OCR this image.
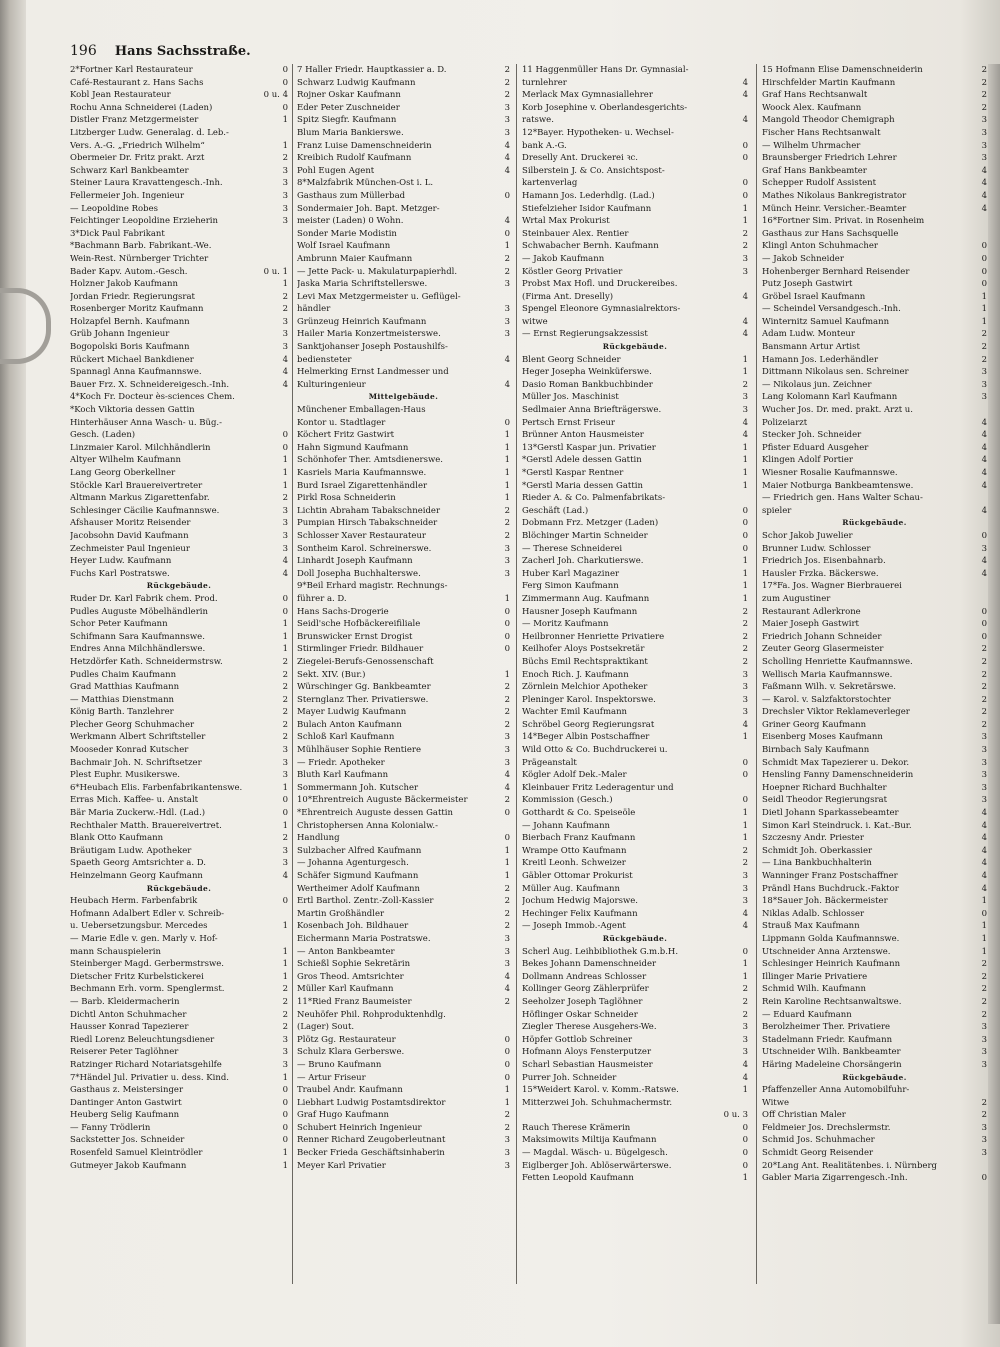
196 Hans Sachsstraße.
2*Fortner Karl Restaurateur	0
Café-Restaurant z. Hans Sachs	0
Kobl Jean Restaurateur	0 u. 4
Rochu Anna Schneiderei (Laden)	0
Distler Franz Metzgermeister	1
Litzberger Ludw. Generalag. d. Leb.-
Vers. A.-G. „Friedrich Wilhelm“	1
Obermeier Dr. Fritz prakt. Arzt	2
Schwarz Karl Bankbeamter	3
Steiner Laura Kravattengesch.-Inh.	3
Fellermeier Joh. Ingenieur	3
— Leopoldine Robes	3
Feichtinger Leopoldine Erzieherin	3
3*Dick Paul Fabrikant
*Bachmann Barb. Fabrikant.-We.
Wein-Rest. Nürnberger Trichter
Bader Kapv. Autom.-Gesch.	0 u. 1
Holzner Jakob Kaufmann	1
Jordan Friedr. Regierungsrat	2
Rosenberger Moritz Kaufmann	2
Holzapfel Bernh. Kaufmann	3
Grüb Johann Ingenieur	3
Bogopolski Boris Kaufmann	3
Rückert Michael Bankdiener	4
Spannagl Anna Kaufmannswe.	4
Bauer Frz. X. Schneidereigesch.-Inh.	4
4*Koch Fr. Docteur ès-sciences Chem.
*Koch Viktoria dessen Gattin
Hinterhäuser Anna Wasch- u. Büg.-
Gesch. (Laden)	0
Linzmaier Karol. Milchhändlerin	0
Altyer Wilhelm Kaufmann	1
Lang Georg Oberkellner	1
Stöckle Karl Brauereivertreter	1
Altmann Markus Zigarettenfabr.	2
Schlesinger Cäcilie Kaufmannswe.	3
Afshauser Moritz Reisender	3
Jacobsohn David Kaufmann	3
Zechmeister Paul Ingenieur	3
Heyer Ludw. Kaufmann	4
Fuchs Karl Postratswe.	4
Rückgebäude.
Ruder Dr. Karl Fabrik chem. Prod.	0
Pudles Auguste Möbelhändlerin	0
Schor Peter Kaufmann	1
Schifmann Sara Kaufmannswe.	1
Endres Anna Milchhändlerswe.	1
Hetzdörfer Kath. Schneidermstrsw.	2
Pudles Chaim Kaufmann	2
Grad Matthias Kaufmann	2
— Matthias Dienstmann	2
König Barth. Tanzlehrer	2
Plecher Georg Schuhmacher	2
Werkmann Albert Schriftsteller	2
Mooseder Konrad Kutscher	3
Bachmair Joh. N. Schriftsetzer	3
Plest Euphr. Musikerswe.	3
6*Heubach Elis. Farbenfabrikantenswe.	1
Erras Mich. Kaffee- u. Anstalt	0
Bär Maria Zuckerw.-Hdl. (Lad.)	0
Rechthaler Matth. Brauereivertret.	1
Blank Otto Kaufmann	2
Bräutigam Ludw. Apotheker	3
Spaeth Georg Amtsrichter a. D.	3
Heinzelmann Georg Kaufmann	4
Rückgebäude.
Heubach Herm. Farbenfabrik	0
Hofmann Adalbert Edler v. Schreib-
u. Uebersetzungsbur. Mercedes	1
— Marie Edle v. gen. Marly v. Hof-
mann Schauspielerin	1
Steinberger Magd. Gerbermstrswe.	1
Dietscher Fritz Kurbelstickerei	1
Bechmann Erh. vorm. Spenglermst.	2
— Barb. Kleidermacherin	2
Dichtl Anton Schuhmacher	2
Hausser Konrad Tapezierer	2
Riedl Lorenz Beleuchtungsdiener	3
Reiserer Peter Taglöhner	3
Ratzinger Richard Notariatsgehilfe	3
7*Händel Jul. Privatier u. dess. Kind.	1
Gasthaus z. Meistersinger	0
Dantinger Anton Gastwirt	0
Heuberg Selig Kaufmann	0
— Fanny Trödlerin	0
Sackstetter Jos. Schneider	0
Rosenfeld Samuel Kleintrödler	1
Gutmeyer Jakob Kaufmann	1
7 Haller Friedr. Hauptkassier a. D.	2
Schwarz Ludwig Kaufmann	2
Rojner Oskar Kaufmann	2
Eder Peter Zuschneider	3
Spitz Siegfr. Kaufmann	3
Blum Maria Bankierswe.	3
Franz Luise Damenschneiderin	4
Kreibich Rudolf Kaufmann	4
Pohl Eugen Agent	4
8*Malzfabrik München-Ost i. L.
Gasthaus zum Müllerbad	0
Sondermaier Joh. Bapt. Metzger-
meister (Laden) 0 Wohn.	4
Sonder Marie Modistin	0
Wolf Israel Kaufmann	1
Ambrunn Maier Kaufmann	2
— Jette Pack- u. Makulaturpapierhdl.	2
Jaska Maria Schriftstellerswe.	3
Levi Max Metzgermeister u. Geflügel-
händler	3
Grünzeug Heinrich Kaufmann	3
Hailer Maria Konzertmeisterswe.	3
Sanktjohanser Joseph Postaushilfs-
bediensteter	4
Helmerking Ernst Landmesser und
Kulturingenieur	4
Mittelgebäude.
Münchener Emballagen-Haus
Kontor u. Stadtlager	0
Köchert Fritz Gastwirt	1
Hahn Sigmund Kaufmann	1
Schönhofer Ther. Amtsdienerswe.	1
Kasriels Maria Kaufmannswe.	1
Burd Israel Zigarettenhändler	1
Pirkl Rosa Schneiderin	1
Lichtin Abraham Tabakschneider	2
Pumpian Hirsch Tabakschneider	2
Schlosser Xaver Restaurateur	2
Sontheim Karol. Schreinerswe.	3
Linhardt Joseph Kaufmann	3
Doll Josepha Buchhalterswe.	3
9*Beil Erhard magistr. Rechnungs-
führer a. D.	1
Hans Sachs-Drogerie	0
Seidl'sche Hofbäckereifiliale	0
Brunswicker Ernst Drogist	0
Stirmlinger Friedr. Bildhauer	0
Ziegelei-Berufs-Genossenschaft
Sekt. XIV. (Bur.)	1
Würschinger Gg. Bankbeamter	2
Sternglanz Ther. Privatierswe.	2
Mayer Ludwig Kaufmann	2
Bulach Anton Kaufmann	2
Schloß Karl Kaufmann	3
Mühlhäuser Sophie Rentiere	3
— Friedr. Apotheker	3
Bluth Karl Kaufmann	4
Sommermann Joh. Kutscher	4
10*Ehrentreich Auguste Bäckermeister	2
*Ehrentreich Auguste dessen Gattin	0
Christophersen Anna Kolonialw.-
Handlung	0
Sulzbacher Alfred Kaufmann	1
— Johanna Agenturgesch.	1
Schäfer Sigmund Kaufmann	1
Wertheimer Adolf Kaufmann	2
Ertl Barthol. Zentr.-Zoll-Kassier	2
Martin Großhändler	2
Kosenbach Joh. Bildhauer	2
Eichermann Maria Postratswe.	3
— Anton Bankbeamter	3
Schießl Sophie Sekretärin	3
Gros Theod. Amtsrichter	4
Müller Karl Kaufmann	4
11*Ried Franz Baumeister	2
Neuhöfer Phil. Rohproduktenhdlg.
(Lager) Sout.
Plötz Gg. Restaurateur	0
Schulz Klara Gerberswe.	0
— Bruno Kaufmann	0
— Artur Friseur	0
Traubel Andr. Kaufmann	1
Liebhart Ludwig Postamtsdirektor	1
Graf Hugo Kaufmann	2
Schubert Heinrich Ingenieur	2
Renner Richard Zeugoberleutnant	3
Becker Frieda Geschäftsinhaberin	3
Meyer Karl Privatier	3
11 Haggenmüller Hans Dr. Gymnasial-
turnlehrer	4
Merlack Max Gymnasiallehrer	4
Korb Josephine v. Oberlandesgerichts-
ratswe.	4
12*Bayer. Hypotheken- u. Wechsel-
bank A.-G.	0
Dreselly Ant. Druckerei ꝛc.	0
Silberstein J. & Co. Ansichtspost-
kartenverlag	0
Hamann Jos. Lederhdlg. (Lad.)	0
Stiefelzieher Isidor Kaufmann	1
Wrtal Max Prokurist	1
Steinbauer Alex. Rentier	2
Schwabacher Bernh. Kaufmann	2
— Jakob Kaufmann	3
Köstler Georg Privatier	3
Probst Max Hofl. und Druckereibes.
(Firma Ant. Dreselly)	4
Spengel Eleonore Gymnasialrektors-
witwe	4
— Ernst Regierungsakzessist	4
Rückgebäude.
Blent Georg Schneider	1
Heger Josepha Weinküferswe.	1
Dasio Roman Bankbuchbinder	2
Müller Jos. Maschinist	3
Sedlmaier Anna Briefträgerswe.	3
Pertsch Ernst Friseur	4
Brünner Anton Hausmeister	4
13*Gerstl Kaspar jun. Privatier	1
*Gerstl Adele dessen Gattin	1
*Gerstl Kaspar Rentner	1
*Gerstl Maria dessen Gattin	1
Rieder A. & Co. Palmenfabrikats-
Geschäft (Lad.)	0
Dobmann Frz. Metzger (Laden)	0
Blöchinger Martin Schneider	0
— Therese Schneiderei	0
Zacherl Joh. Charkutierswe.	1
Huber Karl Magaziner	1
Ferg Simon Kaufmann	1
Zimmermann Aug. Kaufmann	1
Hausner Joseph Kaufmann	2
— Moritz Kaufmann	2
Heilbronner Henriette Privatiere	2
Keilhofer Aloys Postsekretär	2
Büchs Emil Rechtspraktikant	2
Enoch Rich. J. Kaufmann	3
Zörnlein Melchior Apotheker	3
Pleninger Karol. Inspektorswe.	3
Wachter Emil Kaufmann	3
Schröbel Georg Regierungsrat	4
14*Beger Albin Postschaffner	1
Wild Otto & Co. Buchdruckerei u.
Prägeanstalt	0
Kögler Adolf Dek.-Maler	0
Kleinbauer Fritz Lederagentur und
Kommission (Gesch.)	0
Gotthardt & Co. Speiseöle	1
— Johann Kaufmann	1
Bierbach Franz Kaufmann	1
Wrampe Otto Kaufmann	2
Kreitl Leonh. Schweizer	2
Gäbler Ottomar Prokurist	3
Müller Aug. Kaufmann	3
Jochum Hedwig Majorswe.	3
Hechinger Felix Kaufmann	4
— Joseph Immob.-Agent	4
Rückgebäude.
Scherl Aug. Leihbibliothek G.m.b.H.	0
Bekes Johann Damenschneider	1
Dollmann Andreas Schlosser	1
Kollinger Georg Zählerprüfer	2
Seeholzer Joseph Taglöhner	2
Höflinger Oskar Schneider	2
Ziegler Therese Ausgehers-We.	3
Höpfer Gottlob Schreiner	3
Hofmann Aloys Fensterputzer	3
Scharl Sebastian Hausmeister	4
Purrer Joh. Schneider	4
15*Weidert Karol. v. Komm.-Ratswe.	1
Mitterzwei Joh. Schuhmachermstr.
0 u. 3
Rauch Therese Krämerin	0
Maksimowits Miltija Kaufmann	0
— Magdal. Wäsch- u. Bügelgesch.	0
Eiglberger Joh. Ablöserwärterswe.	0
Fetten Leopold Kaufmann	1
15 Hofmann Elise Damenschneiderin	2
Hirschfelder Martin Kaufmann	2
Graf Hans Rechtsanwalt	2
Woock Alex. Kaufmann	2
Mangold Theodor Chemigraph	3
Fischer Hans Rechtsanwalt	3
— Wilhelm Uhrmacher	3
Braunsberger Friedrich Lehrer	3
Graf Hans Bankbeamter	4
Schepper Rudolf Assistent	4
Mathes Nikolaus Bankregistrator	4
Münch Heinr. Versicher.-Beamter	4
16*Fortner Sim. Privat. in Rosenheim
Gasthaus zur Hans Sachsquelle
Klingl Anton Schuhmacher	0
— Jakob Schneider	0
Hohenberger Bernhard Reisender	0
Putz Joseph Gastwirt	0
Gröbel Israel Kaufmann	1
— Scheindel Versandgesch.-Inh.	1
Winternitz Samuel Kaufmann	1
Adam Ludw. Monteur	2
Bansmann Artur Artist	2
Hamann Jos. Lederhändler	2
Dittmann Nikolaus sen. Schreiner	3
— Nikolaus jun. Zeichner	3
Lang Kolomann Karl Kaufmann	3
Wucher Jos. Dr. med. prakt. Arzt u.
Polizeiarzt	4
Stecker Joh. Schneider	4
Pfister Eduard Ausgeher	4
Klingen Adolf Portier	4
Wiesner Rosalie Kaufmannswe.	4
Maier Notburga Bankbeamtenswe.	4
— Friedrich gen. Hans Walter Schau-
spieler	4
Rückgebäude.
Schor Jakob Juwelier	0
Brunner Ludw. Schlosser	3
Friedrich Jos. Eisenbahnarb.	4
Hausler Frzka. Bäckerswe.	4
17*Fa. Jos. Wagner Bierbrauerei
zum Augustiner
Restaurant Adlerkrone	0
Maier Joseph Gastwirt	0
Friedrich Johann Schneider	0
Zeuter Georg Glasermeister	2
Scholling Henriette Kaufmannswe.	2
Wellisch Maria Kaufmannswe.	2
Faßmann Wilh. v. Sekretärswe.	2
— Karol. v. Salzfaktorstochter	2
Drechsler Viktor Reklameverleger	2
Griner Georg Kaufmann	2
Eisenberg Moses Kaufmann	3
Birnbach Saly Kaufmann	3
Schmidt Max Tapezierer u. Dekor.	3
Hensling Fanny Damenschneiderin	3
Hoepner Richard Buchhalter	3
Seidl Theodor Regierungsrat	3
Dietl Johann Sparkassebeamter	4
Simon Karl Steindruck. i. Kat.-Bur.	4
Szczesny Andr. Priester	4
Schmidt Joh. Oberkassier	4
— Lina Bankbuchhalterin	4
Wanninger Franz Postschaffner	4
Prändl Hans Buchdruck.-Faktor	4
18*Sauer Joh. Bäckermeister	1
Niklas Adalb. Schlosser	0
Strauß Max Kaufmann	1
Lippmann Golda Kaufmannswe.	1
Utschneider Anna Arztenswe.	1
Schlesinger Heinrich Kaufmann	2
Illinger Marie Privatiere	2
Schmid Wilh. Kaufmann	2
Rein Karoline Rechtsanwaltswe.	2
— Eduard Kaufmann	2
Berolzheimer Ther. Privatiere	3
Stadelmann Friedr. Kaufmann	3
Utschneider Wilh. Bankbeamter	3
Häring Madeleine Chorsängerin	3
Rückgebäude.
Pfaffenzeller Anna Automobilfuhr-
Witwe	2
Off Christian Maler	2
Feldmeier Jos. Drechslermstr.	3
Schmid Jos. Schuhmacher	3
Schmidt Georg Reisender	3
20*Lang Ant. Realitätenbes. i. Nürnberg
Gabler Maria Zigarrengesch.-Inh.	0
